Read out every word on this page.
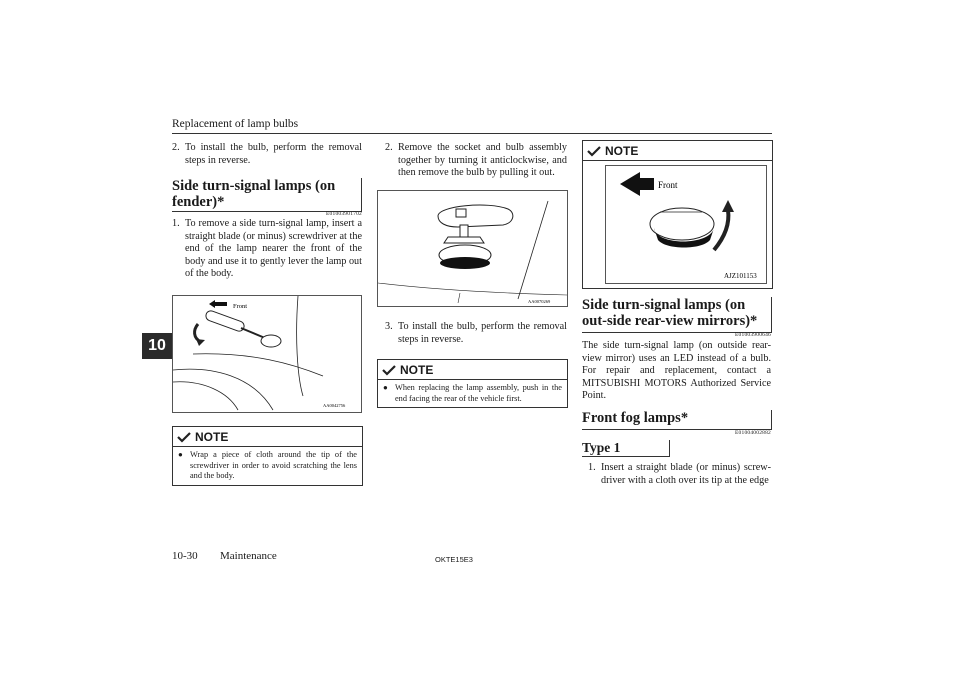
Replacement of lamp bulbs
10

2. To install the bulb, perform the removal steps in reverse.

Side turn-signal lamps (on fender)*
E01003901702

1. To remove a side turn-signal lamp, insert a straight blade (or minus) screwdriver at the end of the lamp nearer the front of the body and use it to gently lever the lamp out of the body.

Front
AA0042756
NOTE
● Wrap a piece of cloth around the tip of the screwdriver in order to avoid scratching the lens and the body.

2. Remove the socket and bulb assembly together by turning it anticlockwise, and then remove the bulb by pulling it out.

AA0070269

3. To install the bulb, perform the removal steps in reverse.

NOTE
● When replacing the lamp assembly, push in the end facing the rear of the vehicle first.
NOTE
Front
AJZ101153
Side turn-signal lamps (on out-side rear-view mirrors)*
E01003900646

The side turn-signal lamp (on outside rear-view mirror) uses an LED instead of a bulb. For repair and replacement, contact a MITSUBISHI MOTORS Authorized Service Point.

Front fog lamps*
E01004002882
Type 1

1. Insert a straight blade (or minus) screw-driver with a cloth over its tip at the edge

10-30 Maintenance	OKTE15E3
